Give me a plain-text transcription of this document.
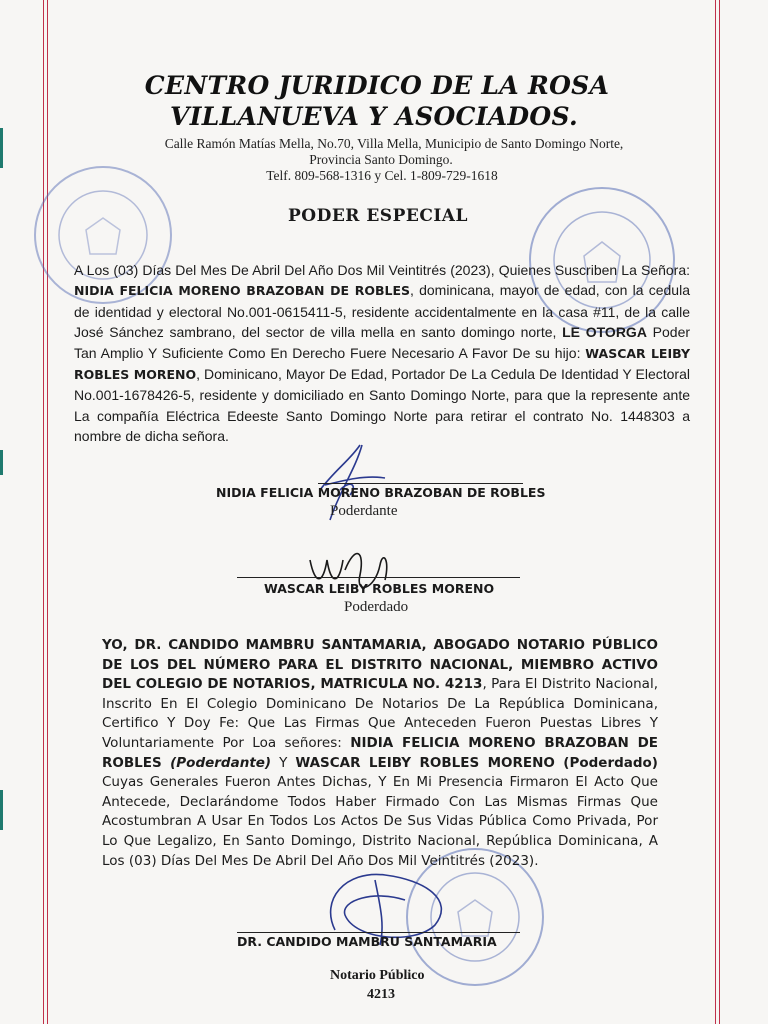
CENTRO JURIDICO DE LA ROSA
VILLANUEVA Y ASOCIADOS.
Calle Ramón Matías Mella, No.70, Villa Mella, Municipio de Santo Domingo Norte,
Provincia Santo Domingo.
Telf. 809-568-1316 y Cel. 1-809-729-1618
PODER ESPECIAL
A Los (03) Días Del Mes De Abril Del Año Dos Mil Veintitrés (2023), Quienes Suscriben La Señora: NIDIA FELICIA MORENO BRAZOBAN DE ROBLES, dominicana, mayor de edad, con la cedula de identidad y electoral No.001-0615411-5, residente accidentalmente en la casa #11, de la calle José Sánchez sambrano, del sector de villa mella en santo domingo norte, LE OTORGA Poder Tan Amplio Y Suficiente Como En Derecho Fuere Necesario A Favor De su hijo: WASCAR LEIBY ROBLES MORENO, Dominicano, Mayor De Edad, Portador De La Cedula De Identidad Y Electoral No.001-1678426-5, residente y domiciliado en Santo Domingo Norte, para que la represente ante La compañía Eléctrica Edeeste Santo Domingo Norte para retirar el contrato No. 1448303 a nombre de dicha señora.
NIDIA FELICIA MORENO BRAZOBAN DE ROBLES
Poderdante
WASCAR LEIBY ROBLES MORENO
Poderdado
YO, DR. CANDIDO MAMBRU SANTAMARIA, ABOGADO NOTARIO PÚBLICO DE LOS DEL NÚMERO PARA EL DISTRITO NACIONAL, MIEMBRO ACTIVO DEL COLEGIO DE NOTARIOS, MATRICULA NO. 4213, Para El Distrito Nacional, Inscrito En El Colegio Dominicano De Notarios De La República Dominicana, Certifico Y Doy Fe: Que Las Firmas Que Anteceden Fueron Puestas Libres Y Voluntariamente Por Loa señores: NIDIA FELICIA MORENO BRAZOBAN DE ROBLES (Poderdante) Y WASCAR LEIBY ROBLES MORENO (Poderdado) Cuyas Generales Fueron Antes Dichas, Y En Mi Presencia Firmaron El Acto Que Antecede, Declarándome Todos Haber Firmado Con Las Mismas Firmas Que Acostumbran A Usar En Todos Los Actos De Sus Vidas Pública Como Privada, Por Lo Que Legalizo, En Santo Domingo, Distrito Nacional, República Dominicana, A Los (03) Días Del Mes De Abril Del Año Dos Mil Veintitrés (2023).
DR. CANDIDO MAMBRU SANTAMARIA
Notario Público
4213
